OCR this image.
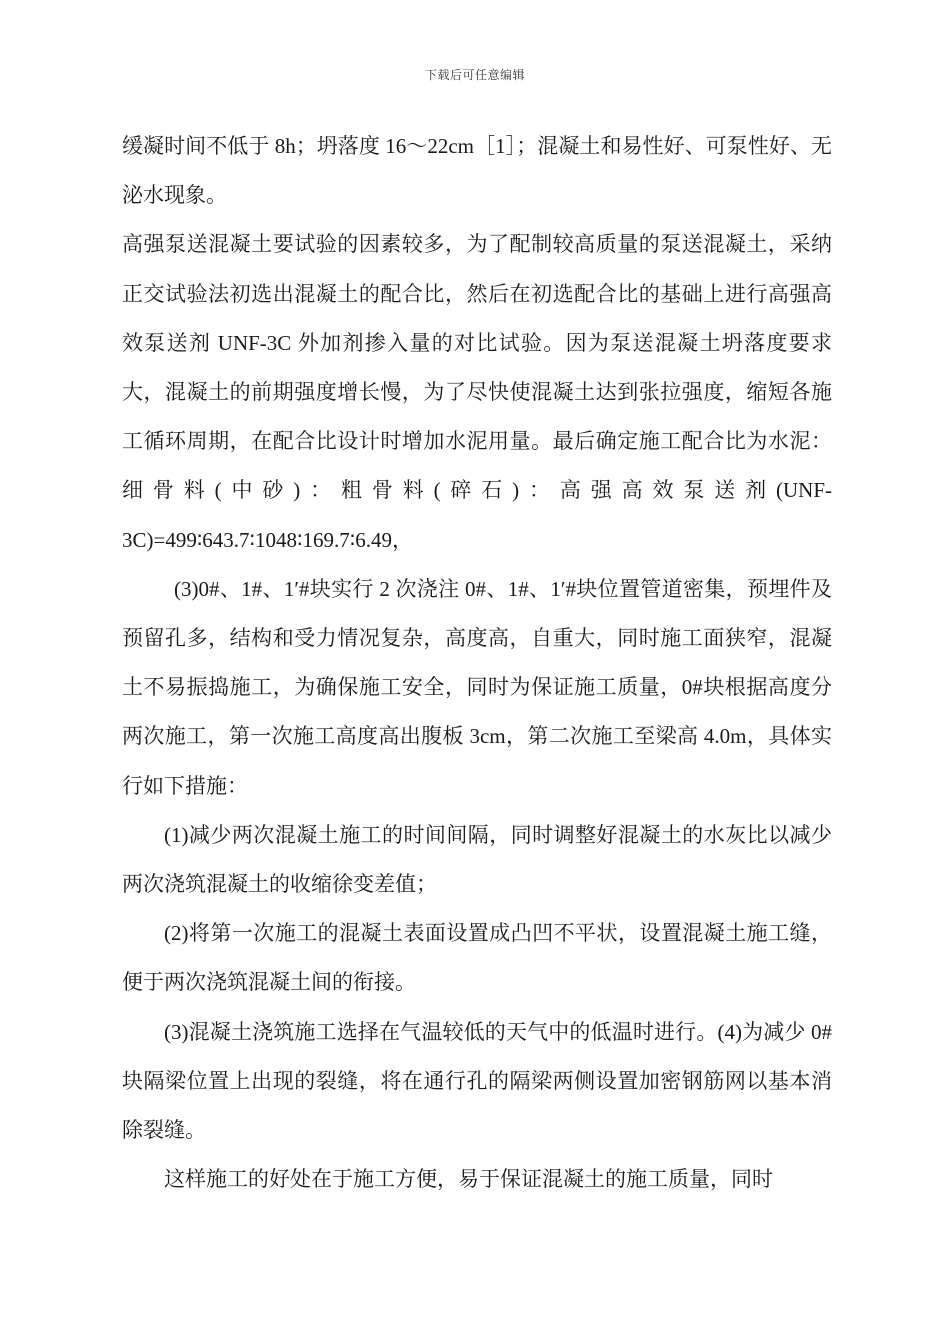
下载后可任意编辑

缓凝时间不低于 8h；坍落度 16～22cm［1］；混凝土和易性好、可泵性好、无泌水现象。

高强泵送混凝土要试验的因素较多，为了配制较高质量的泵送混凝土，采纳正交试验法初选出混凝土的配合比，然后在初选配合比的基础上进行高强高效泵送剂 UNF-3C 外加剂掺入量的对比试验。因为泵送混凝土坍落度要求大，混凝土的前期强度增长慢，为了尽快使混凝土达到张拉强度，缩短各施工循环周期，在配合比设计时增加水泥用量。最后确定施工配合比为水泥：细骨料(中砂)：粗骨料(碎石)：高强高效泵送剂(UNF-3C)=499∶643.7∶1048∶169.7∶6.49，

(3)0#、1#、1′#块实行 2 次浇注 0#、1#、1′#块位置管道密集，预埋件及预留孔多，结构和受力情况复杂，高度高，自重大，同时施工面狭窄，混凝土不易振捣施工，为确保施工安全，同时为保证施工质量，0#块根据高度分两次施工，第一次施工高度高出腹板 3cm，第二次施工至梁高 4.0m，具体实行如下措施：

(1)减少两次混凝土施工的时间间隔，同时调整好混凝土的水灰比以减少两次浇筑混凝土的收缩徐变差值；

(2)将第一次施工的混凝土表面设置成凸凹不平状，设置混凝土施工缝，便于两次浇筑混凝土间的衔接。

(3)混凝土浇筑施工选择在气温较低的天气中的低温时进行。(4)为减少 0#块隔梁位置上出现的裂缝，将在通行孔的隔梁两侧设置加密钢筋网以基本消除裂缝。

这样施工的好处在于施工方便，易于保证混凝土的施工质量，同时
